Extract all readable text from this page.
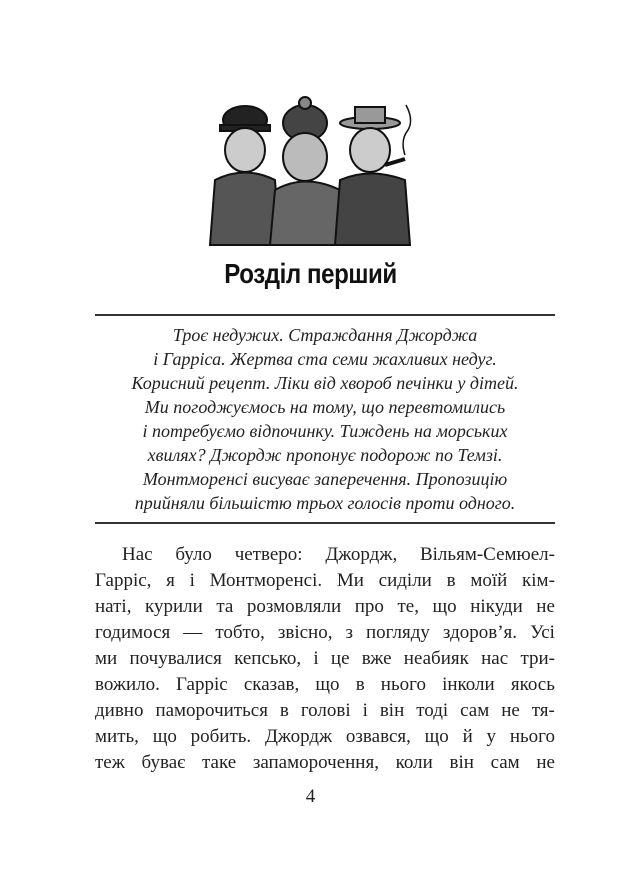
Розділ перший
Троє недужих. Страждання Джорджа
і Гарріса. Жертва ста семи жахливих недуг.
Корисний рецепт. Ліки від хвороб печінки у дітей.
Ми погоджуємось на тому, що перевтомились
і потребуємо відпочинку. Тиждень на морських
хвилях? Джордж пропонує подорож по Темзі.
Монтморенсі висуває заперечення. Пропозицію
прийняли більшістю трьох голосів проти одного.
Нас було четверо: Джордж, Вільям-Семюел-
Гарріс, я і Монтморенсі. Ми сиділи в моїй кім-
наті, курили та розмовляли про те, що нікуди не
годимося — тобто, звісно, з погляду здоров’я. Усі
ми почувалися кепсько, і це вже неабияк нас три-
вожило. Гарріс сказав, що в нього інколи якось
дивно паморочиться в голові і він тоді сам не тя-
мить, що робить. Джордж озвався, що й у нього
теж буває таке запаморочення, коли він сам не
4
